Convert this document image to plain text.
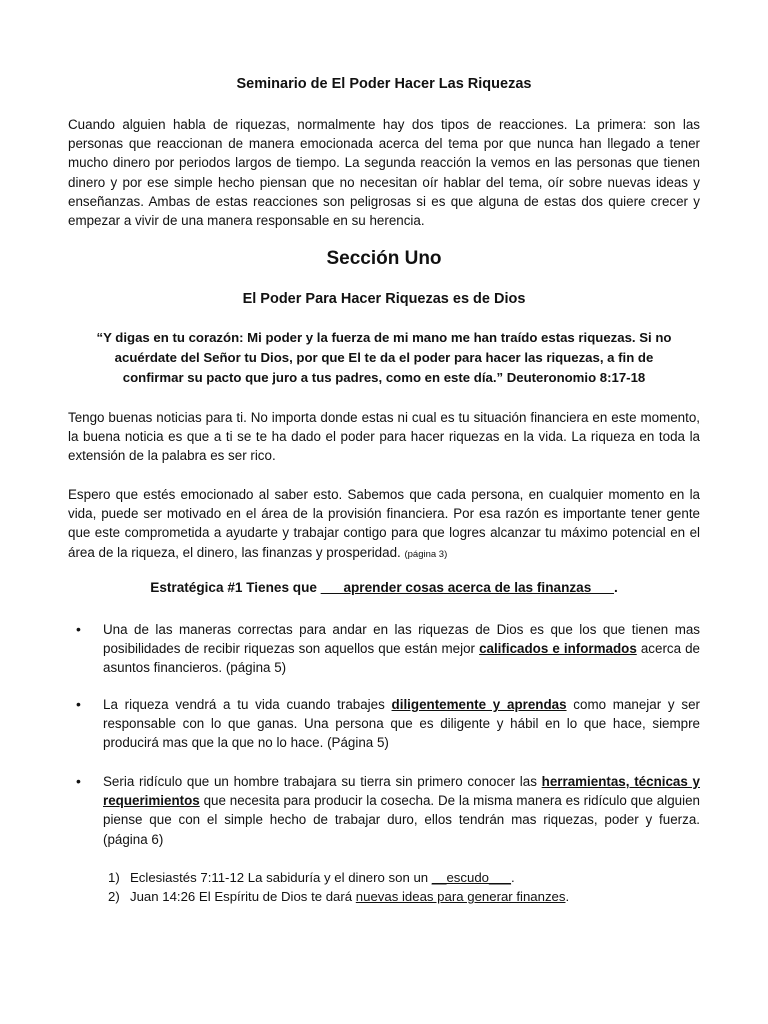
Seminario de El Poder Hacer Las Riquezas
Cuando alguien habla de riquezas, normalmente hay dos tipos de reacciones. La primera: son las personas que reaccionan de manera emocionada acerca del tema por que nunca han llegado a tener mucho dinero por periodos largos de tiempo. La segunda reacción la vemos en las personas que tienen dinero y por ese simple hecho piensan que no necesitan oír hablar del tema, oír sobre nuevas ideas y enseñanzas. Ambas de estas reacciones son peligrosas si es que alguna de estas dos quiere crecer y empezar a vivir de una manera responsable en su herencia.
Sección Uno
El Poder Para Hacer Riquezas es de Dios
“Y digas en tu corazón: Mi poder y la fuerza de mi mano me han traído estas riquezas. Si no acuérdate del Señor tu Dios, por que El te da el poder para hacer las riquezas, a fin de confirmar su pacto que juro a tus padres, como en este día.” Deuteronomio 8:17-18
Tengo buenas noticias para ti. No importa donde estas ni cual es tu situación financiera en este momento, la buena noticia es que a ti se te ha dado el poder para hacer riquezas en la vida. La riqueza en toda la extensión de la palabra es ser rico.
Espero que estés emocionado al saber esto. Sabemos que cada persona, en cualquier momento en la vida, puede ser motivado en el área de la provisión financiera. Por esa razón es importante tener gente que este comprometida a ayudarte y trabajar contigo para que logres alcanzar tu máximo potencial en el área de la riqueza, el dinero, las finanzas y prosperidad. (página 3)
Estratégica #1 Tienes que ___aprender cosas acerca de las finanzas___.
•	Una de las maneras correctas para andar en las riquezas de Dios es que los que tienen mas posibilidades de recibir riquezas son aquellos que están mejor calificados e informados acerca de asuntos financieros. (página 5)
•	La riqueza vendrá a tu vida cuando trabajes diligentemente y aprendas como manejar y ser responsable con lo que ganas. Una persona que es diligente y hábil en lo que hace, siempre producirá mas que la que no lo hace. (Página 5)
•	Seria ridículo que un hombre trabajara su tierra sin primero conocer las herramientas, técnicas y requerimientos que necesita para producir la cosecha. De la misma manera es ridículo que alguien piense que con el simple hecho de trabajar duro, ellos tendrán mas riquezas, poder y fuerza. (página 6)
1) Eclesiastés 7:11-12 La sabiduría y el dinero son un __escudo___.
2) Juan 14:26 El Espíritu de Dios te dará nuevas ideas para generar finanzes.
